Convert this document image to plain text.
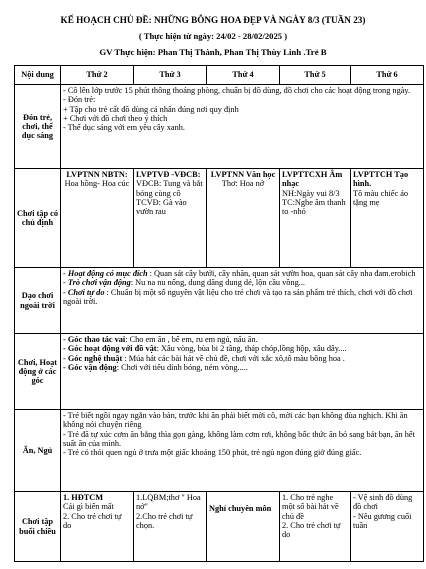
KẾ HOẠCH CHỦ ĐỀ: NHỮNG BÔNG HOA ĐẸP VÀ NGÀY 8/3 (TUẦN 23)
( Thực hiện từ ngày: 24/02 - 28/02/2025 )
GV Thực hiện: Phan Thị Thành, Phan Thị Thùy Linh .Trẻ B
Nội dung	Thứ 2	Thứ 3	Thứ 4	Thứ 5	Thứ 6
Đón trẻ, chơi, thể dục sáng	- Cô lên lớp trước 15 phút thông thoáng phòng, chuẩn bị đồ dùng, đồ chơi cho các hoạt động trong ngày.
- Đón trẻ:
+ Tập cho trẻ cất đồ dùng cá nhân đúng nơi quy định
+ Chơi với đồ chơi theo ý thích
- Thể dục sáng với em yêu cây xanh.				

Chơi tập có chủ định	LVPTNN NBTN:
Hoa hồng- Hoa cúc	LVPTVĐ -VĐCB:
VĐCB: Tung và bắt bóng cùng cô
TCVĐ: Gà vào vườn rau	LVPTNN Văn học
Thơ: Hoa nở	LVPTTCXH Âm nhạc
NH:Ngày vui 8/3
TC:Nghe âm thanh to -nhỏ	LVPTTCH Tạo hình.
Tô màu chiếc áo tặng mẹ

Dạo chơi ngoài trời	- Hoạt động có mục đích : Quan sát cây bưởi, cây nhãn, quan sát vườn hoa, quan sát cây nha đam.erobich
- Trò chơi vận động: Nu na nu nống, dung dăng dung dẻ, lộn cầu vồng...
- Chơi tự do : Chuẩn bị một số nguyên vật liệu cho trẻ chơi và tạo ra sản phẩm trẻ thích, chơi với đồ chơi ngoài trời.				

Chơi, Hoạt động ở các góc	- Góc thao tác vai: Cho em ăn , bế em, ru em ngủ, nấu ăn.
- Góc hoạt động với đồ vật: Xâu vòng, bùa bi 2 tầng, tháp chóp,lồng hộp, xâu dây....
- Góc nghệ thuật : Múa hát các bài hát về chủ đề, chơi với xắc xô,tô màu bông hoa .
- Góc vận động: Chơi với tiêu dính bóng, ném vòng.....				

Ăn, Ngủ	- Trẻ biết ngồi ngay ngắn vào bàn, trước khi ăn phải biết mời cô, mời các bạn không đùa nghịch. Khi ăn không nói chuyện riêng
- Trẻ đã tự xúc cơm ăn bằng thìa gọn gàng, không làm cơm rơi, không bốc thức ăn bỏ sang bát bạn, ăn hết suất ăn của mình.
- Trẻ có thói quen ngủ ở trưa một giấc khoảng 150 phút, trẻ ngủ ngon đúng giờ đúng giấc.				

Chơi tập buổi chiều	1. HĐTCM
Cái gì biến mất
2. Cho trẻ chơi tự do	1.LQBM;thơ " Hoa nở"
2.Cho trẻ chơi tự chọn.	Nghỉ chuyên môn	1. Cho trẻ nghe một số bài hát về chủ đề
2. Cho trẻ chơi tự do	- Vệ sinh đồ dùng đồ chơi
- Nêu gương cuối tuần
